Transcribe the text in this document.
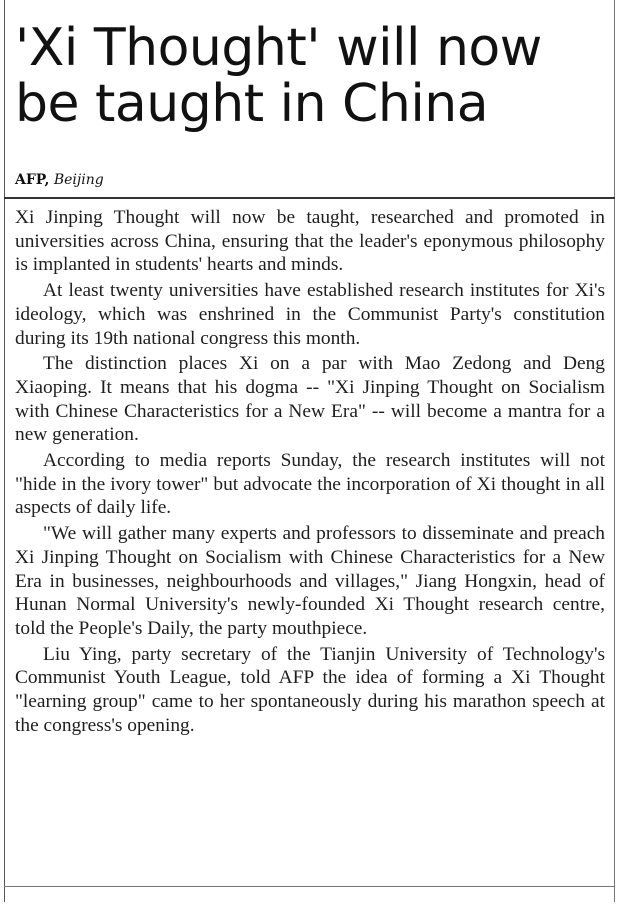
'Xi Thought' will now be taught in China
AFP, Beijing

Xi Jinping Thought will now be taught, researched and promoted in universities across China, ensuring that the leader's eponymous philosophy is implanted in students' hearts and minds.

At least twenty universities have established research institutes for Xi's ideology, which was enshrined in the Communist Party's constitution during its 19th national congress this month.

The distinction places Xi on a par with Mao Zedong and Deng Xiaoping. It means that his dogma -- "Xi Jinping Thought on Socialism with Chinese Characteristics for a New Era" -- will become a mantra for a new generation.

According to media reports Sunday, the research institutes will not "hide in the ivory tower" but advocate the incorporation of Xi thought in all aspects of daily life.

"We will gather many experts and professors to disseminate and preach Xi Jinping Thought on Socialism with Chinese Characteristics for a New Era in businesses, neighbourhoods and villages," Jiang Hongxin, head of Hunan Normal University's newly-founded Xi Thought research centre, told the People's Daily, the party mouthpiece.

Liu Ying, party secretary of the Tianjin University of Technology's Communist Youth League, told AFP the idea of forming a Xi Thought "learning group" came to her spontaneously during his marathon speech at the congress's opening.
